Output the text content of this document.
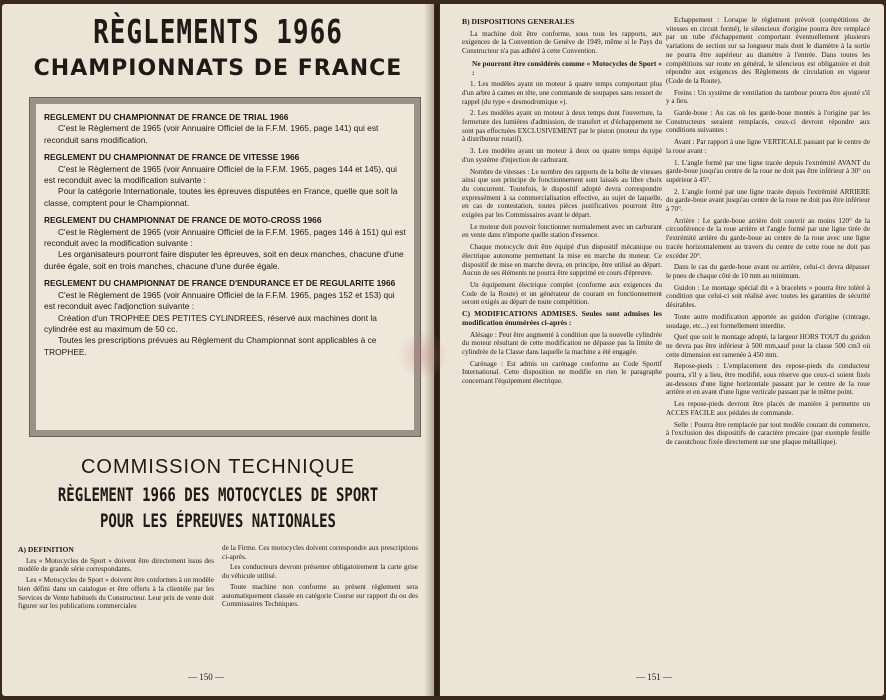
RÈGLEMENTS 1966
CHAMPIONNATS DE FRANCE
REGLEMENT DU CHAMPIONNAT DE FRANCE DE TRIAL 1966

C'est le Règlement de 1965 (voir Annuaire Officiel de la F.F.M. 1965, page 141) qui est reconduit sans modification.

REGLEMENT DU CHAMPIONNAT DE FRANCE DE VITESSE 1966

C'est le Règlement de 1965 (voir Annuaire Officiel de la F.F.M. 1965, pages 144 et 145), qui est reconduit avec la modification suivante :

Pour la catégorie Internationale, toutes les épreuves disputées en France, quelle que soit la classe, comptent pour le Championnat.

REGLEMENT DU CHAMPIONNAT DE FRANCE DE MOTO-CROSS 1966

C'est le Règlement de 1965 (voir Annuaire Officiel de la F.F.M. 1965, pages 146 à 151) qui est reconduit avec la modification suivante :

Les organisateurs pourront faire disputer les épreuves, soit en deux manches, chacune d'une durée égale, soit en trois manches, chacune d'une durée égale.

REGLEMENT DU CHAMPIONNAT DE FRANCE D'ENDURANCE ET DE REGULARITE 1966

C'est le Règlement de 1965 (voir Annuaire Officiel de la F.F.M. 1965, pages 152 et 153) qui est reconduit avec l'adjonction suivante :

Création d'un TROPHEE DES PETITES CYLINDREES, réservé aux machines dont la cylindrée est au maximum de 50 cc.

Toutes les prescriptions prévues au Règlement du Championnat sont applicables à ce TROPHEE.

COMMISSION TECHNIQUE
RÈGLEMENT 1966 DES MOTOCYCLES DE SPORT
POUR LES ÉPREUVES NATIONALES
A) DEFINITION

Les « Motocycles de Sport » doivent être directement issus des modèle de grande série correspondants.

Les « Motocycles de Sport » doivent être conformes à un modèle bien défini dans un catalogue et être offerts à la clientèle par les Services de Vente habituels du Constructeur. Leur prix de vente doit figurer sur les publications commerciales

de la Firme. Ces motocycles doivent correspondre aux prescriptions ci-après.

Les conducteurs devront présenter obligatoirement la carte grise du véhicule utilisé.

Toute machine non conforme au présent règlement sera automatiquement classée en catégorie Course sur rapport du ou des Commissaires Techniques.

— 150 —
B) DISPOSITIONS GENERALES

La machine doit être conforme, sous tous les rapports, aux exigences de la Convention de Genève de 1949, même si le Pays du Constructeur n'a pas adhéré à cette Convention.

Ne pourront être considérés comme « Motocycles de Sport » :

1. Les modèles ayant un moteur à quatre temps comportant plus d'un arbre à cames en tête, une commande de soupapes sans ressort de rappel (du type « desmodromique »).

2. Les modèles ayant un moteur à deux temps dont l'ouverture, la fermeture des lumières d'admission, de transfert et d'échappement ne sont pas effectuées EXCLUSIVEMENT par le piston (moteur du type à distributeur rotatif).

3. Les modèles ayant un moteur à deux ou quatre temps équipé d'un système d'injection de carburant.

Nombre de vitesses : Le nombre des rapports de la boîte de vitesses ainsi que son principe de fonctionnement sont laissés au libre choix du concurrent. Toutefois, le dispositif adopté devra correspondre expressément à sa commercialisation effective, au sujet de laquelle, en cas de contestation, toutes pièces justificatives pourront être exigées par les Commissaires avant le départ.

Le moteur doit pouvoir fonctionner normalement avec un carburant en vente dans n'importe quelle station d'essence.

Chaque motocycle doit être équipé d'un dispositif mécanique ou électrique autonome permettant la mise en marche du moteur. Ce dispositif de mise en marche devra, en principe, être utilisé au départ. Aucun de ses éléments ne pourra être supprimé en cours d'épreuve.

Un équipement électrique complet (conforme aux exigences du Code de la Route) et un générateur de courant en fonctionnement seront exigés au départ de toute compétition.

C) MODIFICATIONS ADMISES. Seules sont admises les modification énumérées ci-après :

Alésage : Peut être augmenté à condition que la nouvelle cylindrée du moteur résultant de cette modification ne dépasse pas la limite de cylindrée de la Classe dans laquelle la machine a été engagée.

Carénage : Est admis un carénage conforme au Code Sportif International. Cette disposition ne modifie en rien le paragraphe concernant l'équipement électrique.

Echappement : Lorsque le règlement prévoit (compétitions de vitesses en circuit fermé), le silencieux d'origine pourra être remplacé par un tube d'échappement comportant éventuellement plusieurs variations de section sur sa longueur mais dont le diamètre à la sortie ne pourra être supérieur au diamètre à l'entrée. Dans toutes les compétitions sur route en général, le silencieux est obligatoire et doit répondre aux exigences des Règlements de circulation en vigueur (Code de la Route).

Freins : Un système de ventilation du tambour pourra être ajouté s'il y a lieu.

Garde-boue : Au cas où les garde-boue montés à l'origine par les Constructeurs seraient remplacés, ceux-ci devront répondre aux conditions suivantes :

Avant : Par rapport à une ligne VERTICALE passant par le centre de la roue avant :

1. L'angle formé par une ligne tracée depuis l'extrémité AVANT du garde-boue jusqu'au centre de la roue ne doit pas être inférieur à 30° ou supérieur à 45°.

2. L'angle formé par une ligne tracée depuis l'extrémité ARRIERE du garde-boue avant jusqu'au centre de la roue ne doit pas être inférieur à 70°.

Arrière : Le garde-boue arrière doit couvrir au moins 120° de la circonférence de la roue arrière et l'angle formé par une ligne tirée de l'extrémité arrière du garde-boue au centre de la roue avec une ligne tracée horizontalement au travers du centre de cette roue ne doit pas excéder 20°.

Dans le cas du garde-boue avant ou arrière, celui-ci devra dépasser le pneu de chaque côté de 10 mm au minimum.

Guidon : Le montage spécial dit « à bracelets » pourra être toléré à condition que celui-ci soit réalisé avec toutes les garanties de sécurité désirables.

Toute autre modification apportée au guidon d'origine (cintrage, soudage, etc...) est formellement interdite.

Quel que soit le montage adopté, la largeur HORS TOUT du guidon ne devra pas être inférieur à 500 mm,sauf pour la classe 500 cm3 où cette dimension est ramenée à 450 mm.

Repose-pieds : L'emplacement des repose-pieds du conducteur pourra, s'il y a lieu, être modifié, sous réserve que ceux-ci soient fixés au-dessous d'une ligne horizontale passant par le centre de la roue arrière et en avant d'une ligne verticale passant par le même point.

Les repose-pieds devront être placés de manière à permettre un ACCES FACILE aux pédales de commande.

Selle : Pourra être remplacée par tout modèle courant du commerce, à l'exclusion des dispositifs de caractère precaire (par exemple feuille de caoutchouc fixée directement sur une plaque métallique).

— 151 —
